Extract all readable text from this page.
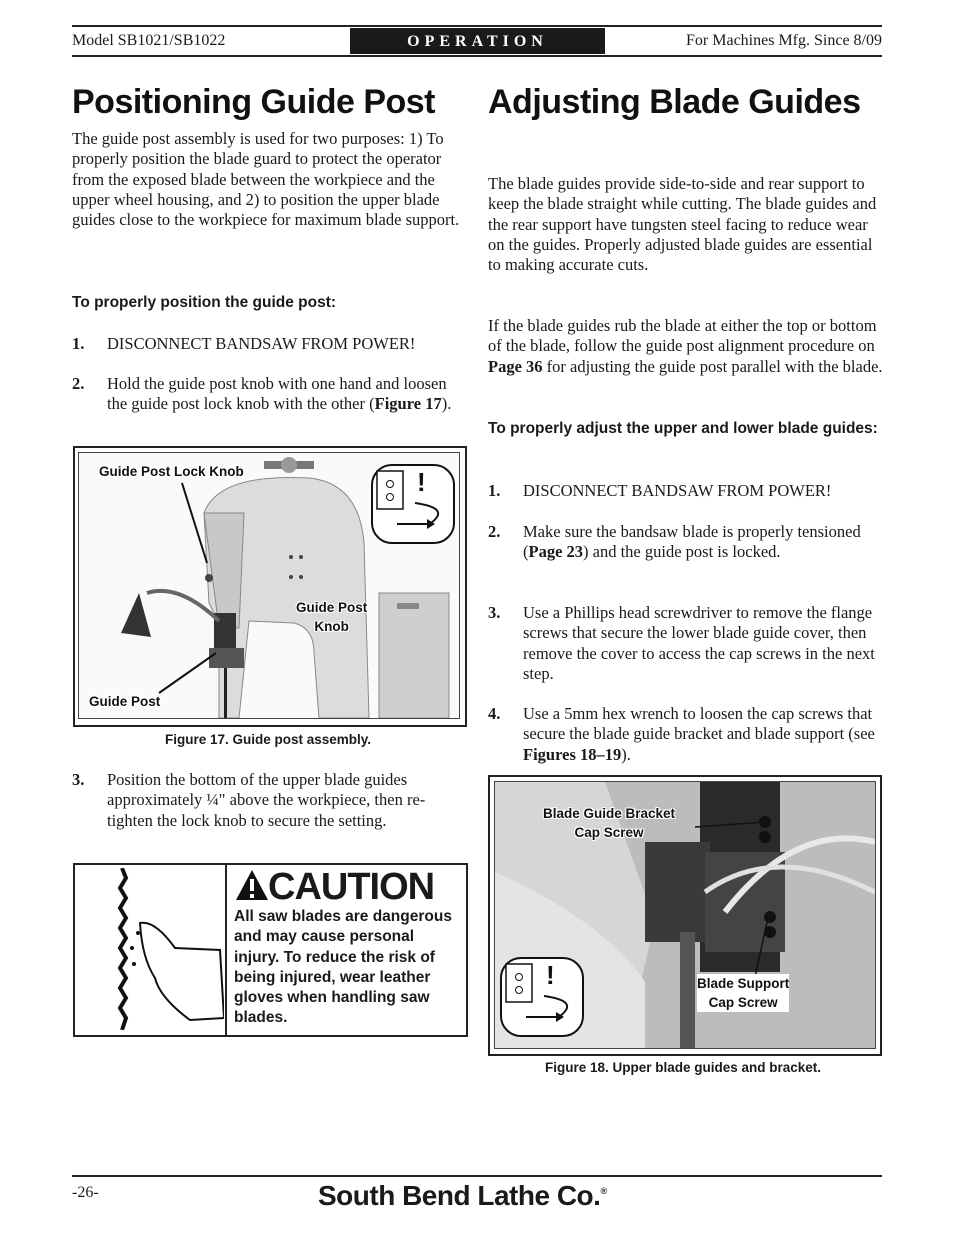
Model SB1021/SB1022	OPERATION	For Machines Mfg. Since 8/09
Positioning Guide Post

The guide post assembly is used for two purposes: 1) To properly position the blade guard to protect the operator from the exposed blade between the workpiece and the upper wheel housing, and 2) to position the upper blade guides close to the workpiece for maximum blade support.

To properly position the guide post:

1. DISCONNECT BANDSAW FROM POWER!
2. Hold the guide post knob with one hand and loosen the guide post lock knob with the other (Figure 17).
!
Guide Post Lock Knob
Guide Post
Knob
Guide Post
Figure 17. Guide post assembly.
3. Position the bottom of the upper blade guides approximately ¼" above the workpiece, then re-tighten the lock knob to secure the setting.
CAUTION
All saw blades are dangerous and may cause personal injury. To reduce the risk of being injured, wear leather gloves when handling saw blades.
Adjusting Blade Guides

The blade guides provide side-to-side and rear support to keep the blade straight while cutting. The blade guides and the rear support have tungsten steel facing to reduce wear on the guides. Properly adjusted blade guides are essential to making accurate cuts.

If the blade guides rub the blade at either the top or bottom of the blade, follow the guide post alignment procedure on Page 36 for adjusting the guide post parallel with the blade.

To properly adjust the upper and lower blade guides:

1. DISCONNECT BANDSAW FROM POWER!
2. Make sure the bandsaw blade is properly tensioned (Page 23) and the guide post is locked.
3. Use a Phillips head screwdriver to remove the flange screws that secure the lower blade guide cover, then remove the cover to access the cap screws in the next step.
4. Use a 5mm hex wrench to loosen the cap screws that secure the blade guide bracket and blade support (see Figures 18–19).
!
Blade Guide Bracket
Cap Screw
Blade Support
Cap Screw
Figure 18. Upper blade guides and bracket.
-26-	South Bend Lathe Co.®
